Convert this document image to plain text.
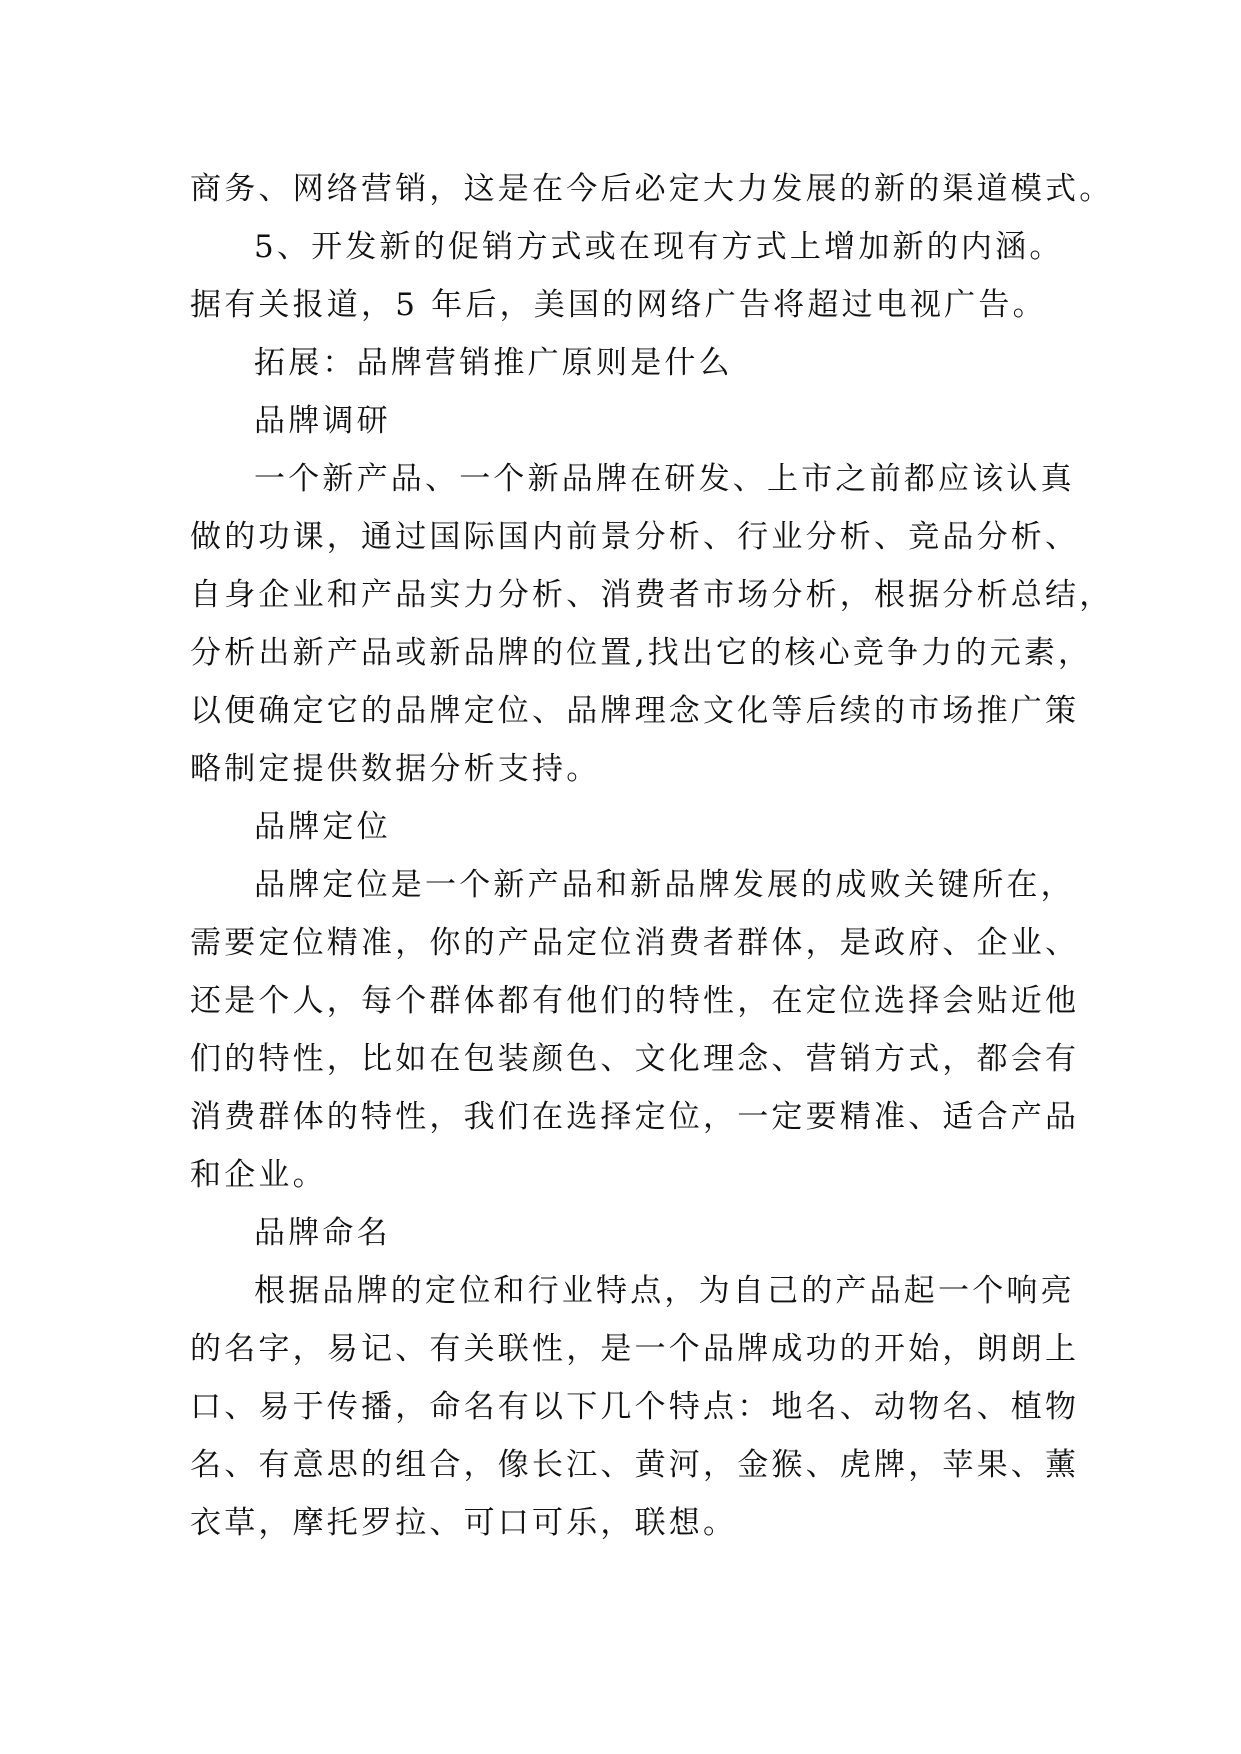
商务、网络营销，这是在今后必定大力发展的新的渠道模式。

5、开发新的促销方式或在现有方式上增加新的内涵。

据有关报道，5 年后，美国的网络广告将超过电视广告。

拓展：品牌营销推广原则是什么

品牌调研

一个新产品、一个新品牌在研发、上市之前都应该认真

做的功课，通过国际国内前景分析、行业分析、竞品分析、

自身企业和产品实力分析、消费者市场分析，根据分析总结，

分析出新产品或新品牌的位置,找出它的核心竞争力的元素，

以便确定它的品牌定位、品牌理念文化等后续的市场推广策

略制定提供数据分析支持。

品牌定位

品牌定位是一个新产品和新品牌发展的成败关键所在，

需要定位精准，你的产品定位消费者群体，是政府、企业、

还是个人，每个群体都有他们的特性，在定位选择会贴近他

们的特性，比如在包装颜色、文化理念、营销方式，都会有

消费群体的特性，我们在选择定位，一定要精准、适合产品

和企业。

品牌命名

根据品牌的定位和行业特点，为自己的产品起一个响亮

的名字，易记、有关联性，是一个品牌成功的开始，朗朗上

口、易于传播，命名有以下几个特点：地名、动物名、植物

名、有意思的组合，像长江、黄河，金猴、虎牌，苹果、薰

衣草，摩托罗拉、可口可乐，联想。
